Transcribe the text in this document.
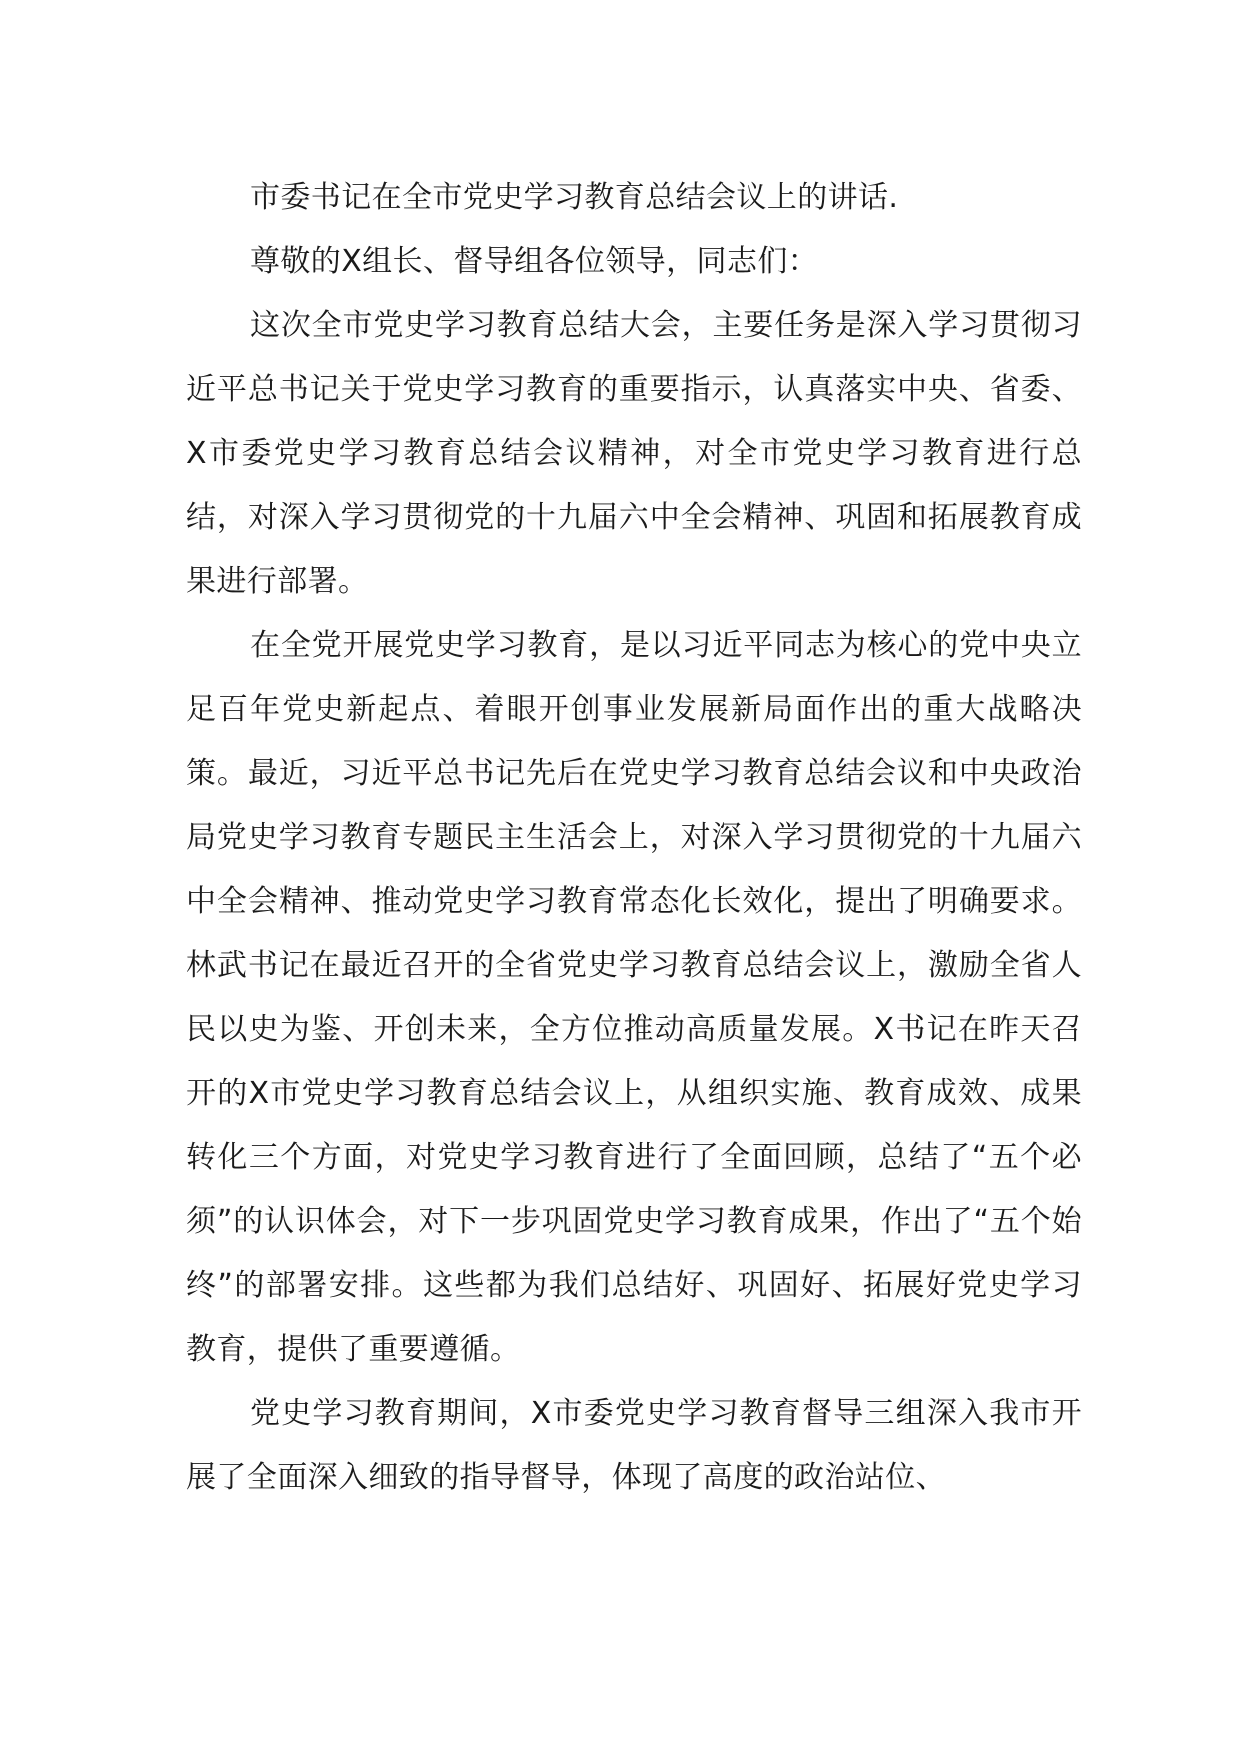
市委书记在全市党史学习教育总结会议上的讲话.

尊敬的X组长、督导组各位领导，同志们：

这次全市党史学习教育总结大会，主要任务是深入学习贯彻习近平总书记关于党史学习教育的重要指示，认真落实中央、省委、X市委党史学习教育总结会议精神，对全市党史学习教育进行总结，对深入学习贯彻党的十九届六中全会精神、巩固和拓展教育成果进行部署。

在全党开展党史学习教育，是以习近平同志为核心的党中央立足百年党史新起点、着眼开创事业发展新局面作出的重大战略决策。最近，习近平总书记先后在党史学习教育总结会议和中央政治局党史学习教育专题民主生活会上，对深入学习贯彻党的十九届六中全会精神、推动党史学习教育常态化长效化，提出了明确要求。林武书记在最近召开的全省党史学习教育总结会议上，激励全省人民以史为鉴、开创未来，全方位推动高质量发展。X书记在昨天召开的X市党史学习教育总结会议上，从组织实施、教育成效、成果转化三个方面，对党史学习教育进行了全面回顾，总结了“五个必须”的认识体会，对下一步巩固党史学习教育成果，作出了“五个始终”的部署安排。这些都为我们总结好、巩固好、拓展好党史学习教育，提供了重要遵循。

党史学习教育期间，X市委党史学习教育督导三组深入我市开展了全面深入细致的指导督导，体现了高度的政治站位、
